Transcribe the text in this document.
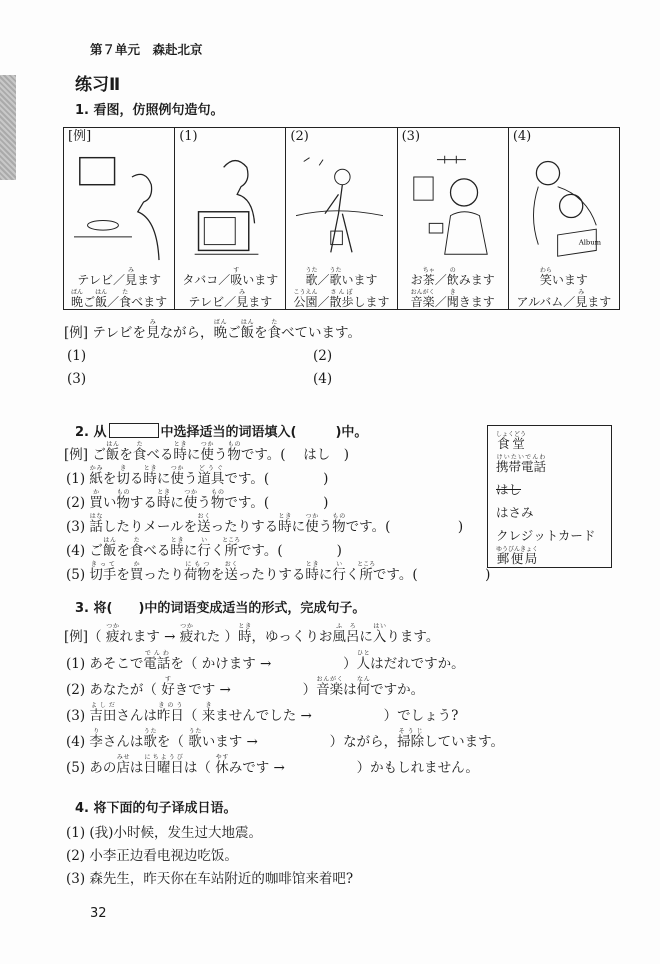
第７单元　森赴北京
练习Ⅱ
1. 看图，仿照例句造句。
[例]
テレビ／見みます
晩ばんご飯はん／食たべます
(1)
タバコ／吸すいます
テレビ／見みます
(2)
歌うた／歌うたいます
公園こうえん／散歩さんぽします
(3)
お茶ちゃ／飲のみます
音楽おんがく／聞ききます
(4)
Album
笑わらいます
アルバム／見みます
[例] テレビを見みながら，晩ばんご飯はんを食たべています。
(1)	(2)
(3)	(4)
2. 从	中选择适当的词语填入(　　　)中。
[例] ご飯はんを食たべる時ときに使つかう物ものです。(　 はし　)
(1) 紙かみを切きる時ときに使つかう道具どうぐです。(　　　　)
(2) 買かい物ものする時ときに使つかう物ものです。(　　　　)
(3) 話はなしたりメールを送おくったりする時ときに使つかう物ものです。(　　　　　)
(4) ご飯はんを食たべる時ときに行いく所ところです。(　　　　)
(5) 切手きってを買かったり荷物にもつを送おくったりする時ときに行いく所ところです。(　　　　　)
食堂しょくどう
携帯電話けいたいでんわ
はし
はさみ
クレジットカード
郵便局ゆうびんきょく
3. 将(　　)中的词语变成适当的形式，完成句子。
[例]（ 疲つかれます → 疲つかれた ）時とき，ゆっくりお風呂ふろに入はいります。
(1) あそこで電話でんわを（ かけます →　　　　　 ）人ひとはだれですか。
(2) あなたが（ 好すきです →　　　　　 ）音楽おんがくは何なんですか。
(3) 吉田よしださんは昨日きのう（ 来きませんでした →　　　　　 ）でしょう?
(4) 李りさんは歌うたを（ 歌うたいます →　　　　　 ）ながら，掃除そうじしています。
(5) あの店みせは日曜日にちようびは（ 休やすみです →　　　　　 ）かもしれません。
4. 将下面的句子译成日语。
(1) (我)小时候，发生过大地震。
(2) 小李正边看电视边吃饭。
(3) 森先生，昨天你在车站附近的咖啡馆来着吧?
32
